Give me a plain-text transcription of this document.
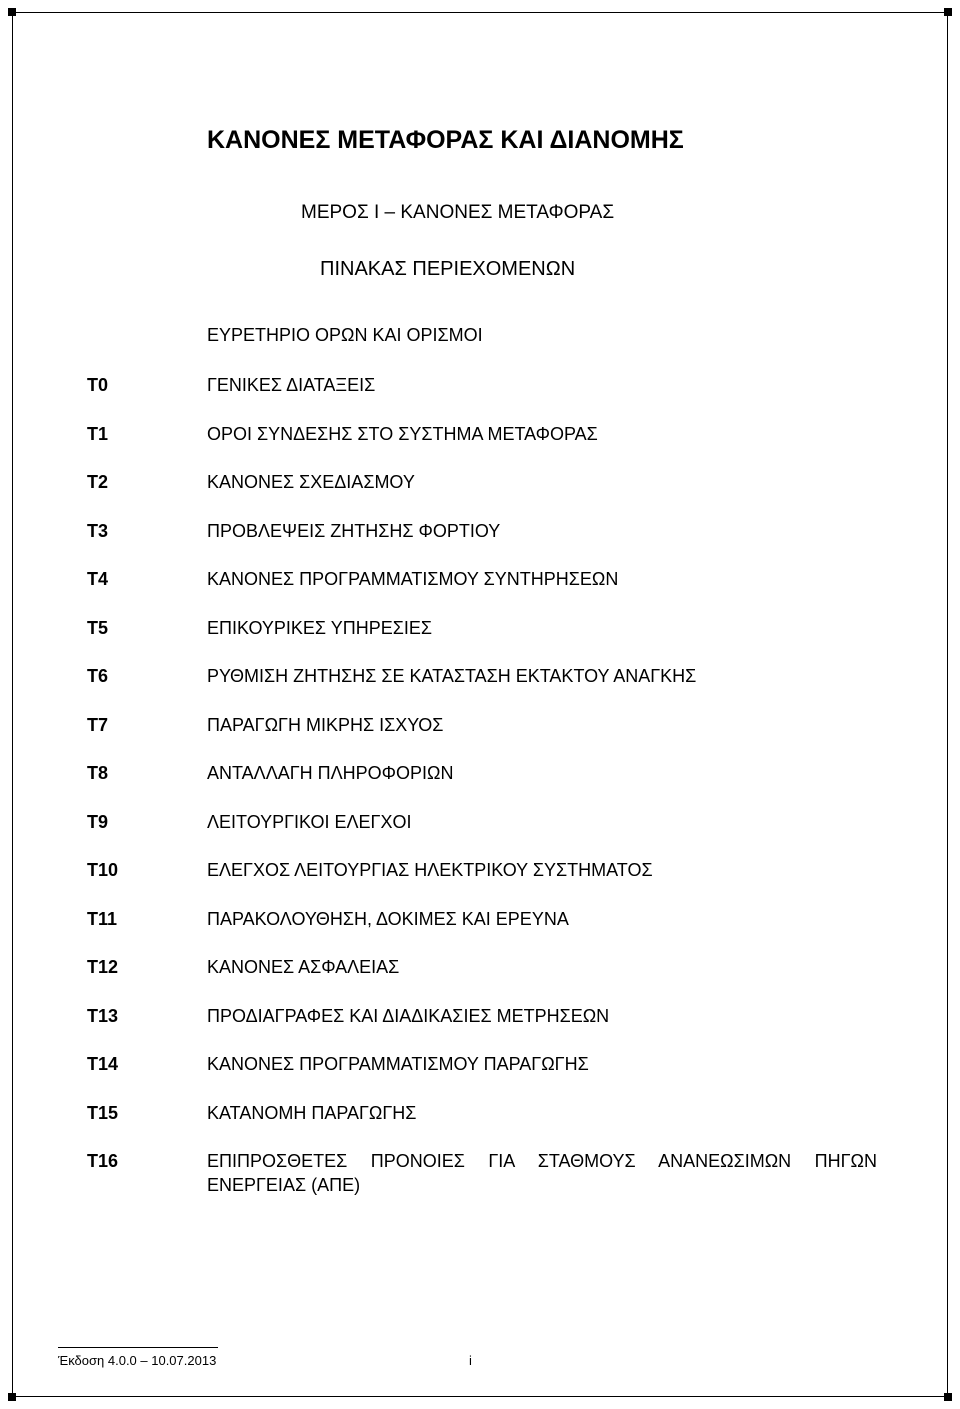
ΚΑΝΟΝΕΣ ΜΕΤΑΦΟΡΑΣ ΚΑΙ ΔΙΑΝΟΜΗΣ
ΜΕΡΟΣ Ι – ΚΑΝΟΝΕΣ ΜΕΤΑΦΟΡΑΣ
ΠΙΝΑΚΑΣ ΠΕΡΙΕΧΟΜΕΝΩΝ
ΕΥΡΕΤΗΡΙΟ ΟΡΩΝ ΚΑΙ ΟΡΙΣΜΟΙ
T0	ΓΕΝΙΚΕΣ ΔΙΑΤΑΞΕΙΣ
T1	ΟΡΟΙ ΣΥΝΔΕΣΗΣ ΣΤΟ ΣΥΣΤΗΜΑ ΜΕΤΑΦΟΡΑΣ
T2	ΚΑΝΟΝΕΣ ΣΧΕΔΙΑΣΜΟΥ
T3	ΠΡΟΒΛΕΨΕΙΣ ΖΗΤΗΣΗΣ ΦΟΡΤΙΟΥ
T4	ΚΑΝΟΝΕΣ ΠΡΟΓΡΑΜΜΑΤΙΣΜΟΥ ΣΥΝΤΗΡΗΣΕΩΝ
T5	ΕΠΙΚΟΥΡΙΚΕΣ ΥΠΗΡΕΣΙΕΣ
T6	ΡΥΘΜΙΣΗ ΖΗΤΗΣΗΣ ΣΕ ΚΑΤΑΣΤΑΣΗ ΕΚΤΑΚΤΟΥ ΑΝΑΓΚΗΣ
T7	ΠΑΡΑΓΩΓΗ ΜΙΚΡΗΣ ΙΣΧΥΟΣ
T8	ΑΝΤΑΛΛΑΓΗ ΠΛΗΡΟΦΟΡΙΩΝ
T9	ΛΕΙΤΟΥΡΓΙΚΟΙ ΕΛΕΓΧΟΙ
T10	ΕΛΕΓΧΟΣ ΛΕΙΤΟΥΡΓΙΑΣ ΗΛΕΚΤΡΙΚΟΥ ΣΥΣΤΗΜΑΤΟΣ
T11	ΠΑΡΑΚΟΛΟΥΘΗΣΗ, ΔΟΚΙΜΕΣ ΚΑΙ ΕΡΕΥΝΑ
T12	ΚΑΝΟΝΕΣ ΑΣΦΑΛΕΙΑΣ
T13	ΠΡΟΔΙΑΓΡΑΦΕΣ ΚΑΙ ΔΙΑΔΙΚΑΣΙΕΣ ΜΕΤΡΗΣΕΩΝ
T14	ΚΑΝΟΝΕΣ ΠΡΟΓΡΑΜΜΑΤΙΣΜΟΥ ΠΑΡΑΓΩΓΗΣ
T15	ΚΑΤΑΝΟΜΗ ΠΑΡΑΓΩΓΗΣ
T16	ΕΠΙΠΡΟΣΘΕΤΕΣ ΠΡΟΝΟΙΕΣ ΓΙΑ ΣΤΑΘΜΟΥΣ ΑΝΑΝΕΩΣΙΜΩΝ ΠΗΓΩΝ ΕΝΕΡΓΕΙΑΣ (ΑΠΕ)
Έκδοση 4.0.0 – 10.07.2013	i
